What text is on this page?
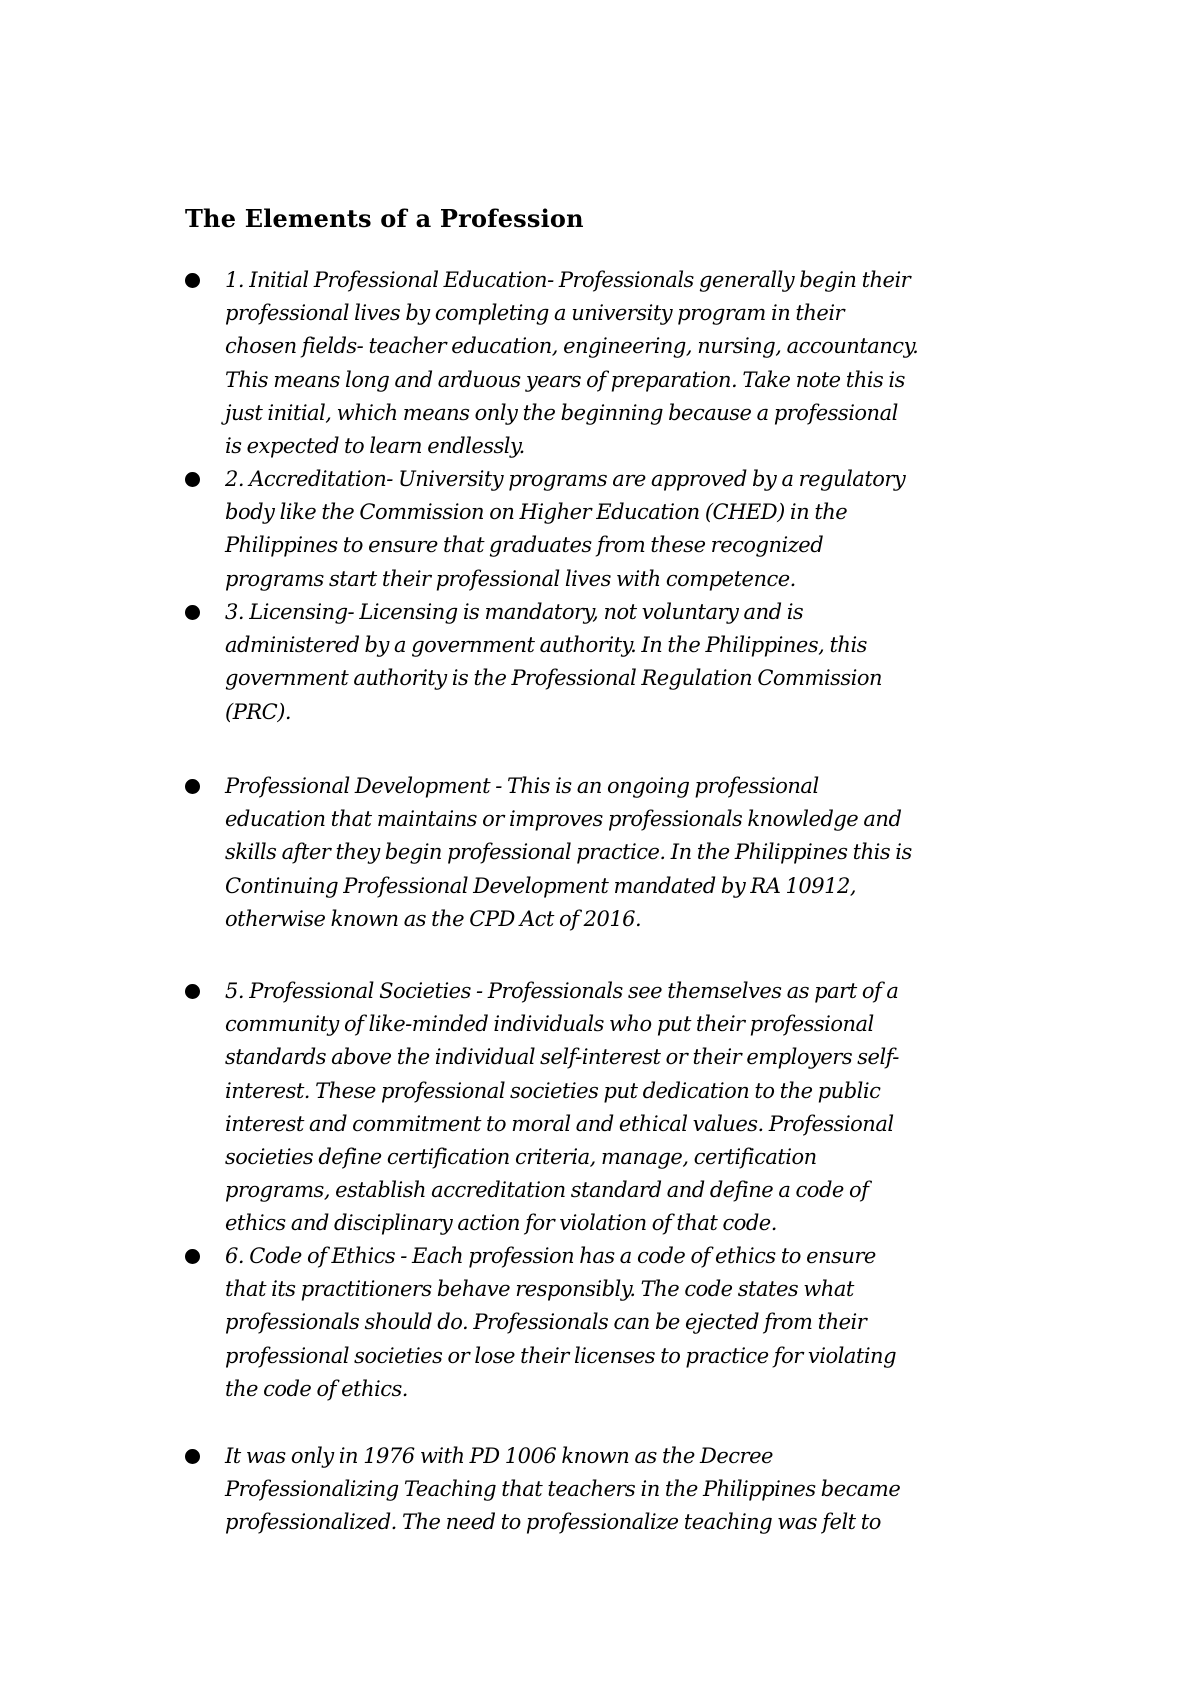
The Elements of a Profession

1. Initial Professional Education- Professionals generally begin their
professional lives by completing a university program in their
chosen fields- teacher education, engineering, nursing, accountancy.
This means long and arduous years of preparation. Take note this is
just initial, which means only the beginning because a professional
is expected to learn endlessly.

2. Accreditation- University programs are approved by a regulatory
body like the Commission on Higher Education (CHED) in the
Philippines to ensure that graduates from these recognized
programs start their professional lives with competence.

3. Licensing- Licensing is mandatory, not voluntary and is
administered by a government authority. In the Philippines, this
government authority is the Professional Regulation Commission
(PRC).

Professional Development - This is an ongoing professional
education that maintains or improves professionals knowledge and
skills after they begin professional practice. In the Philippines this is
Continuing Professional Development mandated by RA 10912,
otherwise known as the CPD Act of 2016.

5. Professional Societies - Professionals see themselves as part of a
community of like-minded individuals who put their professional
standards above the individual self-interest or their employers self-
interest. These professional societies put dedication to the public
interest and commitment to moral and ethical values. Professional
societies define certification criteria, manage, certification
programs, establish accreditation standard and define a code of
ethics and disciplinary action for violation of that code.

6. Code of Ethics - Each profession has a code of ethics to ensure
that its practitioners behave responsibly. The code states what
professionals should do. Professionals can be ejected from their
professional societies or lose their licenses to practice for violating
the code of ethics.

It was only in 1976 with PD 1006 known as the Decree
Professionalizing Teaching that teachers in the Philippines became
professionalized. The need to professionalize teaching was felt to
